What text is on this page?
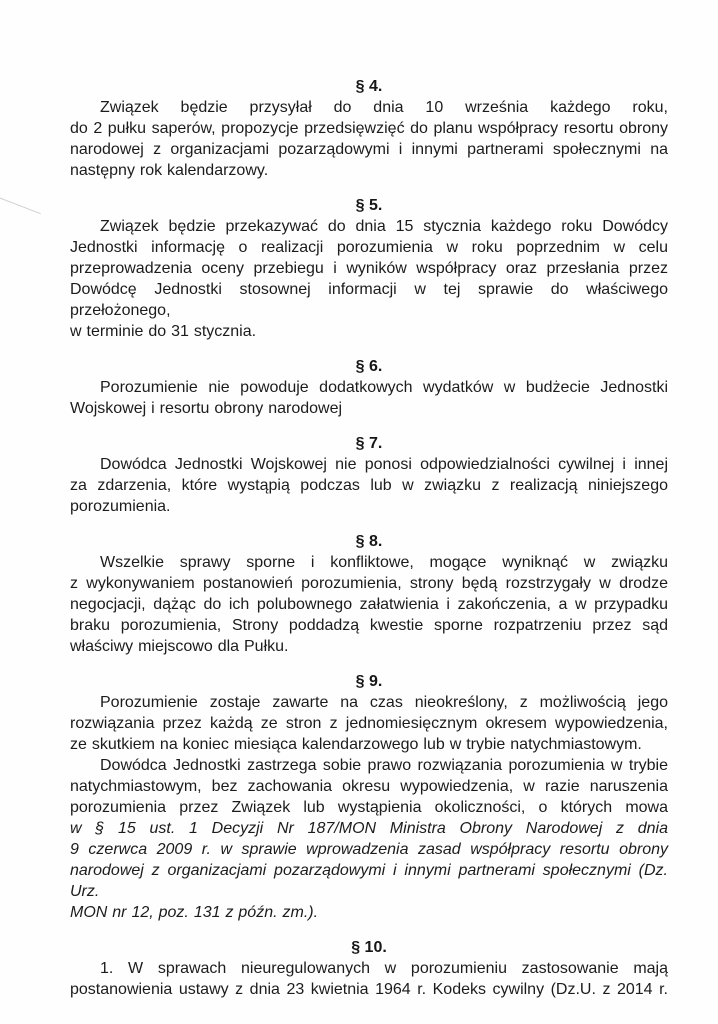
§ 4.
Związek będzie przysyłał do dnia 10 września każdego roku,
do 2 pułku saperów, propozycje przedsięwzięć do planu współpracy resortu obrony
narodowej z organizacjami pozarządowymi i innymi partnerami społecznymi na
następny rok kalendarzowy.
§ 5.
Związek będzie przekazywać do dnia 15 stycznia każdego roku Dowódcy
Jednostki informację o realizacji porozumienia w roku poprzednim w celu
przeprowadzenia oceny przebiegu i wyników współpracy oraz przesłania przez
Dowódcę Jednostki stosownej informacji w tej sprawie do właściwego przełożonego,
w terminie do 31 stycznia.
§ 6.
Porozumienie nie powoduje dodatkowych wydatków w budżecie Jednostki
Wojskowej i resortu obrony narodowej
§ 7.
Dowódca Jednostki Wojskowej nie ponosi odpowiedzialności cywilnej i innej
za zdarzenia, które wystąpią podczas lub w związku z realizacją niniejszego
porozumienia.
§ 8.
Wszelkie sprawy sporne i konfliktowe, mogące wyniknąć w związku
z wykonywaniem postanowień porozumienia, strony będą rozstrzygały w drodze
negocjacji, dążąc do ich polubownego załatwienia i zakończenia, a w przypadku
braku porozumienia, Strony poddadzą kwestie sporne rozpatrzeniu przez sąd
właściwy miejscowo dla Pułku.
§ 9.
Porozumienie zostaje zawarte na czas nieokreślony, z możliwością jego
rozwiązania przez każdą ze stron z jednomiesięcznym okresem wypowiedzenia,
ze skutkiem na koniec miesiąca kalendarzowego lub w trybie natychmiastowym.
Dowódca Jednostki zastrzega sobie prawo rozwiązania porozumienia w trybie
natychmiastowym, bez zachowania okresu wypowiedzenia, w razie naruszenia
porozumienia przez Związek lub wystąpienia okoliczności, o których mowa
w § 15 ust. 1 Decyzji Nr 187/MON Ministra Obrony Narodowej z dnia
9 czerwca 2009 r. w sprawie wprowadzenia zasad współpracy resortu obrony
narodowej z organizacjami pozarządowymi i innymi partnerami społecznymi (Dz. Urz.
MON nr 12, poz. 131 z późn. zm.).
§ 10.
1. W sprawach nieuregulowanych w porozumieniu zastosowanie mają
postanowienia ustawy z dnia 23 kwietnia 1964 r. Kodeks cywilny (Dz.U. z 2014 r.
